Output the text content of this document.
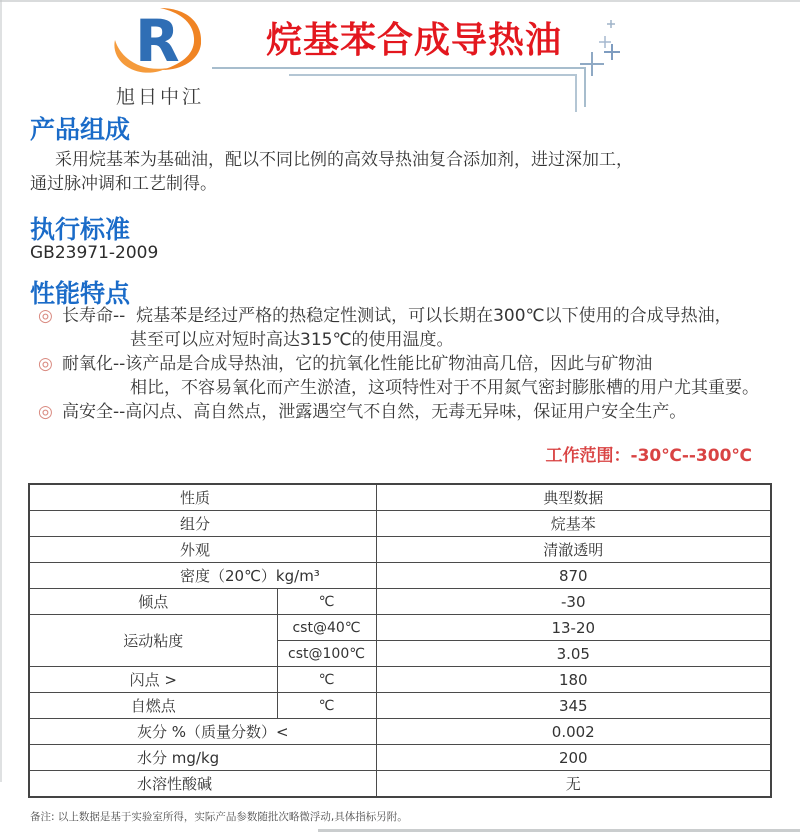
R
旭日中江
烷基苯合成导热油
产品组成
采用烷基苯为基础油，配以不同比例的高效导热油复合添加剂，进过深加工，
通过脉冲调和工艺制得。
执行标准
GB23971-2009
性能特点
◎ 长寿命--  烷基苯是经过严格的热稳定性测试，可以长期在300℃以下使用的合成导热油，
甚至可以应对短时高达315℃的使用温度。
◎ 耐氧化--该产品是合成导热油，它的抗氧化性能比矿物油高几倍，因此与矿物油
相比，不容易氧化而产生淤渣，这项特性对于不用氮气密封膨胀槽的用户尤其重要。
◎ 高安全--高闪点、高自然点，泄露遇空气不自然，无毒无异味，保证用户安全生产。
工作范围：-30℃--300℃
性质		典型数据
组分		烷基苯
外观		清澈透明
密度（20℃）kg/m³		870
倾点	℃	-30
运动粘度	cst@40℃	13-20
	cst@100℃	3.05
闪点 >	℃	180
自燃点	℃	345
灰分 %（质量分数）<		0.002
水分 mg/kg		200
水溶性酸碱		无
备注: 以上数据是基于实验室所得，实际产品参数随批次略微浮动,具体指标另附。
